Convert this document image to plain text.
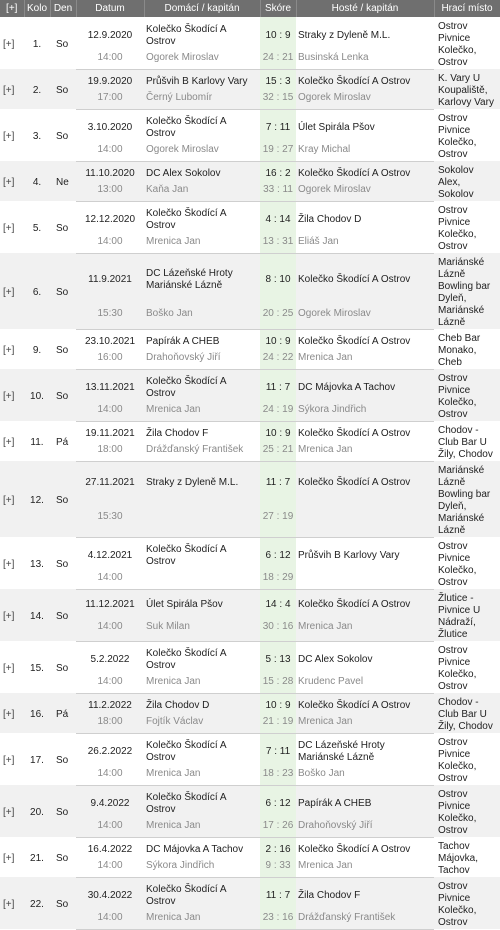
[+]	Kolo	Den	Datum	Domácí / kapitán	Skóre	Hosté / kapitán	Hrací místo
[+]	1.	So	12.9.2020	Kolečko Škodící A Ostrov	10 : 9	Straky z Dyleně M.L.	Ostrov Pivnice Kolečko, Ostrov
			14:00	Ogorek Miroslav	24 : 21	Businská Lenka	
[+]	2.	So	19.9.2020	Průšvih B Karlovy Vary	15 : 3	Kolečko Škodící A Ostrov	K. Vary U Koupaliště, Karlovy Vary
			17:00	Černý Lubomír	32 : 15	Ogorek Miroslav	
[+]	3.	So	3.10.2020	Kolečko Škodící A Ostrov	7 : 11	Úlet Spirála Pšov	Ostrov Pivnice Kolečko, Ostrov
			14:00	Ogorek Miroslav	19 : 27	Kray Michal	
[+]	4.	Ne	11.10.2020	DC Alex Sokolov	16 : 2	Kolečko Škodící A Ostrov	Sokolov Alex, Sokolov
			13:00	Kaňa Jan	33 : 11	Ogorek Miroslav	
[+]	5.	So	12.12.2020	Kolečko Škodící A Ostrov	4 : 14	Žila Chodov D	Ostrov Pivnice Kolečko, Ostrov
			14:00	Mrenica Jan	13 : 31	Eliáš Jan	
[+]	6.	So	11.9.2021	DC Lázeňské Hroty Mariánské Lázně	8 : 10	Kolečko Škodící A Ostrov	Mariánské Lázně Bowling bar Dyleň, Mariánské Lázně
			15:30	Boško Jan	20 : 25	Ogorek Miroslav	
[+]	9.	So	23.10.2021	Papírák A CHEB	10 : 9	Kolečko Škodící A Ostrov	Cheb Bar Monako, Cheb
			16:00	Drahoňovský Jiří	24 : 22	Mrenica Jan	
[+]	10.	So	13.11.2021	Kolečko Škodící A Ostrov	11 : 7	DC Májovka A Tachov	Ostrov Pivnice Kolečko, Ostrov
			14:00	Mrenica Jan	24 : 19	Sýkora Jindřich	
[+]	11.	Pá	19.11.2021	Žila Chodov F	10 : 9	Kolečko Škodící A Ostrov	Chodov - Club Bar U Žily, Chodov
			18:00	Drážďanský František	25 : 21	Mrenica Jan	
[+]	12.	So	27.11.2021	Straky z Dyleně M.L.	11 : 7	Kolečko Škodící A Ostrov	Mariánské Lázně Bowling bar Dyleň, Mariánské Lázně
			15:30		27 : 19		
[+]	13.	So	4.12.2021	Kolečko Škodící A Ostrov	6 : 12	Průšvih B Karlovy Vary	Ostrov Pivnice Kolečko, Ostrov
			14:00		18 : 29		
[+]	14.	So	11.12.2021	Úlet Spirála Pšov	14 : 4	Kolečko Škodící A Ostrov	Žlutice - Pivnice U Nádraží, Žlutice
			14:00	Suk Milan	30 : 16	Mrenica Jan	
[+]	15.	So	5.2.2022	Kolečko Škodící A Ostrov	5 : 13	DC Alex Sokolov	Ostrov Pivnice Kolečko, Ostrov
			14:00	Mrenica Jan	15 : 28	Krudenc Pavel	
[+]	16.	Pá	11.2.2022	Žila Chodov D	10 : 9	Kolečko Škodící A Ostrov	Chodov - Club Bar U Žily, Chodov
			18:00	Fojtík Václav	21 : 19	Mrenica Jan	
[+]	17.	So	26.2.2022	Kolečko Škodící A Ostrov	7 : 11	DC Lázeňské Hroty Mariánské Lázně	Ostrov Pivnice Kolečko, Ostrov
			14:00	Mrenica Jan	18 : 23	Boško Jan	
[+]	20.	So	9.4.2022	Kolečko Škodící A Ostrov	6 : 12	Papírák A CHEB	Ostrov Pivnice Kolečko, Ostrov
			14:00	Mrenica Jan	17 : 26	Drahoňovský Jiří	
[+]	21.	So	16.4.2022	DC Májovka A Tachov	2 : 16	Kolečko Škodící A Ostrov	Tachov Májovka, Tachov
			14:00	Sýkora Jindřich	9 : 33	Mrenica Jan	
[+]	22.	So	30.4.2022	Kolečko Škodící A Ostrov	11 : 7	Žila Chodov F	Ostrov Pivnice Kolečko, Ostrov
			14:00	Mrenica Jan	23 : 16	Drážďanský František	
